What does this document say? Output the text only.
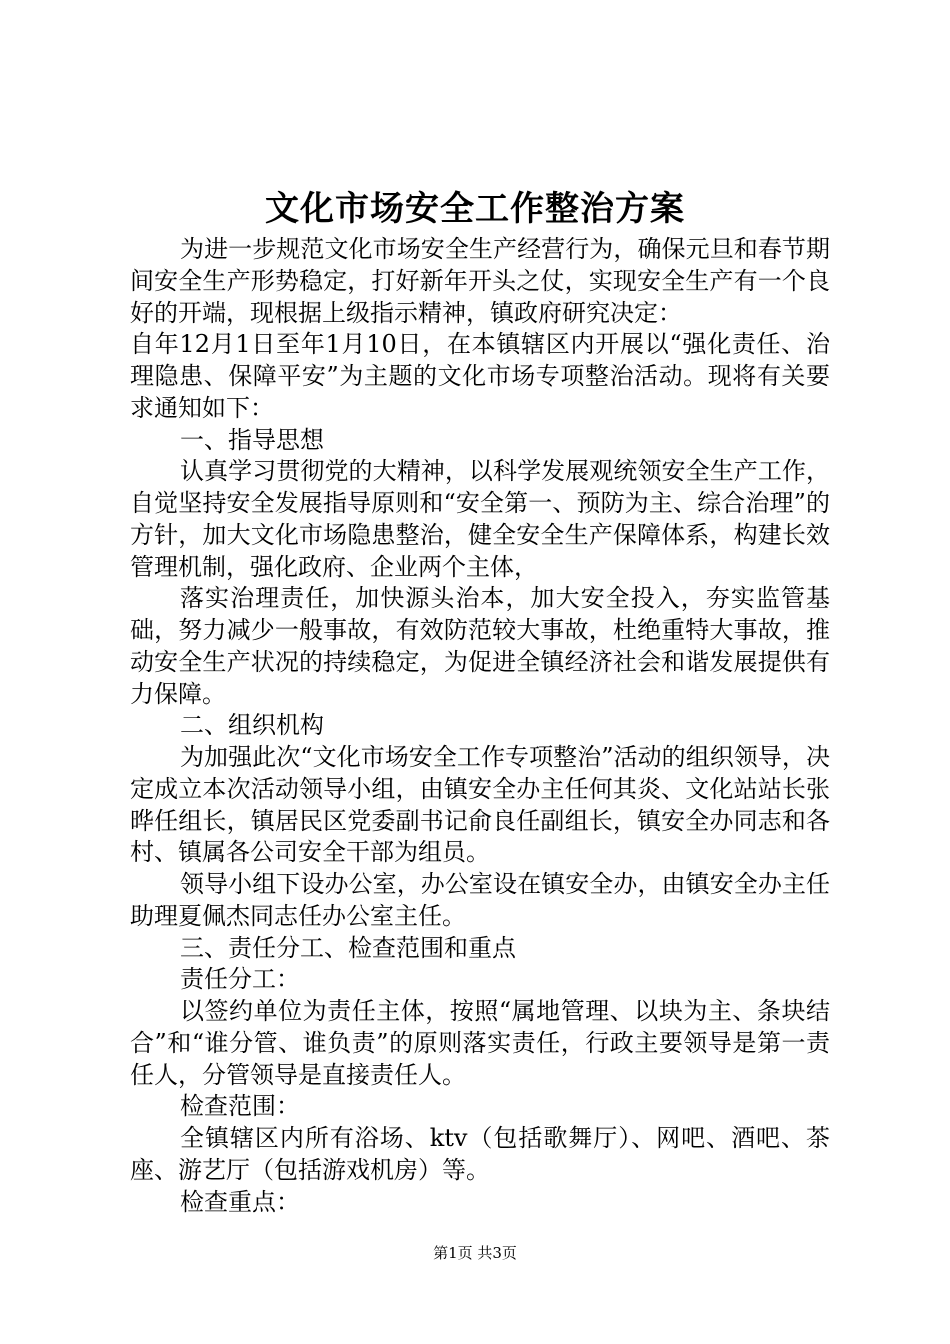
文化市场安全工作整治方案

为进一步规范文化市场安全生产经营行为，确保元旦和春节期间安全生产形势稳定，打好新年开头之仗，实现安全生产有一个良好的开端，现根据上级指示精神，镇政府研究决定：

自年12月1日至年1月10日，在本镇辖区内开展以“强化责任、治理隐患、保障平安”为主题的文化市场专项整治活动。现将有关要求通知如下：

一、指导思想

认真学习贯彻党的大精神，以科学发展观统领安全生产工作，自觉坚持安全发展指导原则和“安全第一、预防为主、综合治理”的方针，加大文化市场隐患整治，健全安全生产保障体系，构建长效管理机制，强化政府、企业两个主体，

落实治理责任，加快源头治本，加大安全投入，夯实监管基础，努力减少一般事故，有效防范较大事故，杜绝重特大事故，推动安全生产状况的持续稳定，为促进全镇经济社会和谐发展提供有力保障。

二、组织机构

为加强此次“文化市场安全工作专项整治”活动的组织领导，决定成立本次活动领导小组，由镇安全办主任何其炎、文化站站长张晔任组长，镇居民区党委副书记俞良任副组长，镇安全办同志和各村、镇属各公司安全干部为组员。

领导小组下设办公室，办公室设在镇安全办，由镇安全办主任助理夏佩杰同志任办公室主任。

三、责任分工、检查范围和重点

责任分工：

以签约单位为责任主体，按照“属地管理、以块为主、条块结合”和“谁分管、谁负责”的原则落实责任，行政主要领导是第一责任人，分管领导是直接责任人。

检查范围：

全镇辖区内所有浴场、ktv（包括歌舞厅）、网吧、酒吧、茶座、游艺厅（包括游戏机房）等。

检查重点：

第1页 共3页
